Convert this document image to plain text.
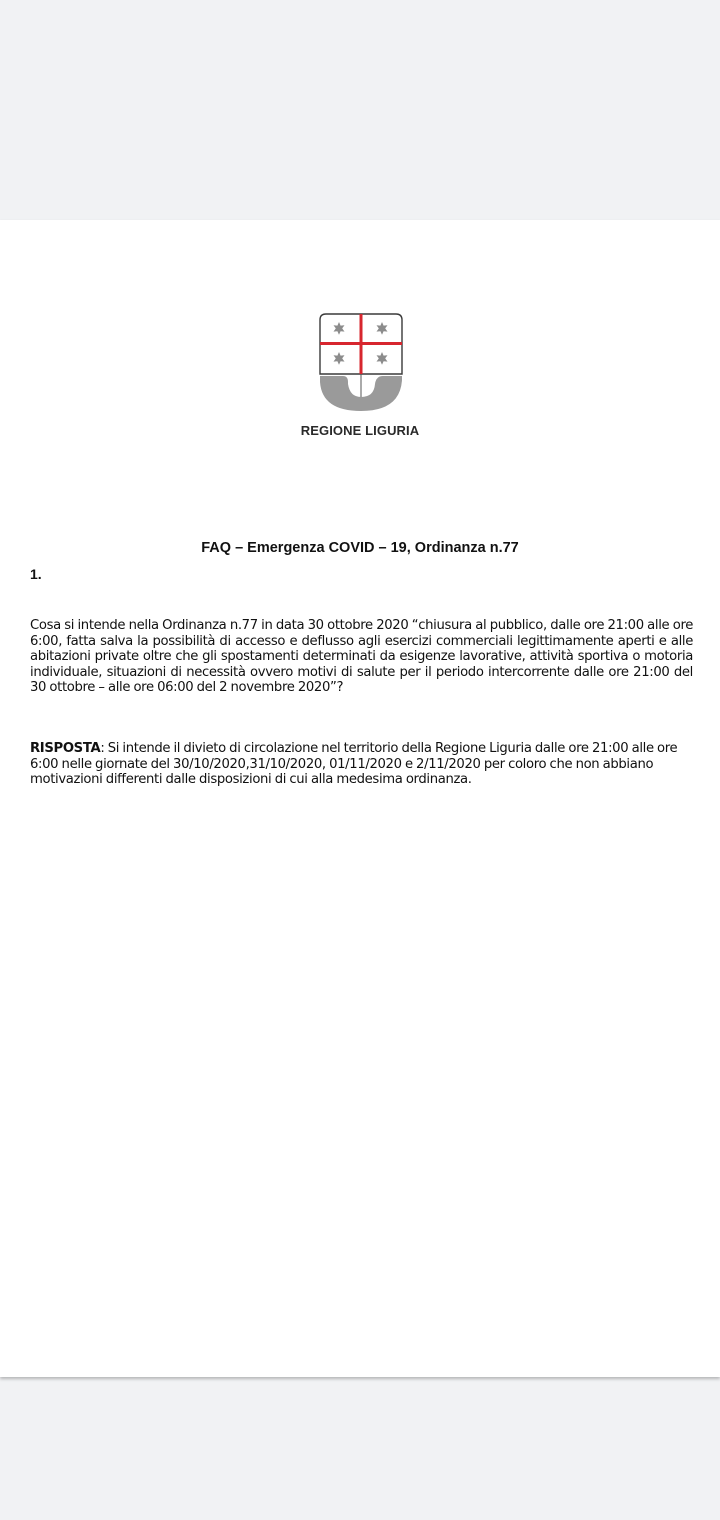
REGIONE LIGURIA
FAQ – Emergenza COVID – 19, Ordinanza n.77
1.
Cosa si intende nella Ordinanza n.77 in data 30 ottobre 2020 “chiusura al pubblico, dalle ore 21:00 alle ore 6:00, fatta salva la possibilità di accesso e deflusso agli esercizi commerciali legittimamente aperti e alle abitazioni private oltre che gli spostamenti determinati da esigenze lavorative, attività sportiva o motoria individuale, situazioni di necessità ovvero motivi di salute per il periodo intercorrente dalle ore 21:00 del 30 ottobre – alle ore 06:00 del 2 novembre 2020”?
RISPOSTA: Si intende il divieto di circolazione nel territorio della Regione Liguria dalle ore 21:00 alle ore 6:00 nelle giornate del 30/10/2020,31/10/2020, 01/11/2020 e 2/11/2020 per coloro che non abbiano motivazioni differenti dalle disposizioni di cui alla medesima ordinanza.
